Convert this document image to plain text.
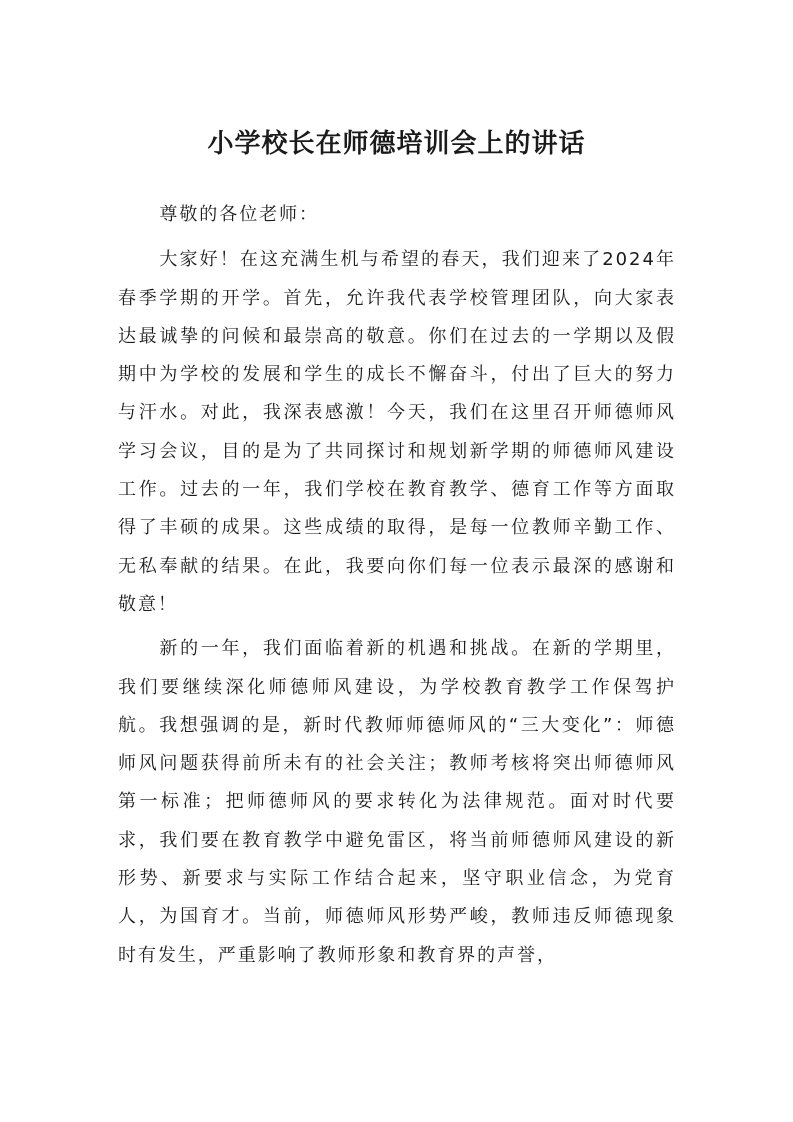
小学校长在师德培训会上的讲话

尊敬的各位老师：

大家好！在这充满生机与希望的春天，我们迎来了2024年春季学期的开学。首先，允许我代表学校管理团队，向大家表达最诚挚的问候和最崇高的敬意。你们在过去的一学期以及假期中为学校的发展和学生的成长不懈奋斗，付出了巨大的努力与汗水。对此，我深表感激！今天，我们在这里召开师德师风学习会议，目的是为了共同探讨和规划新学期的师德师风建设工作。过去的一年，我们学校在教育教学、德育工作等方面取得了丰硕的成果。这些成绩的取得，是每一位教师辛勤工作、无私奉献的结果。在此，我要向你们每一位表示最深的感谢和敬意！

新的一年，我们面临着新的机遇和挑战。在新的学期里，我们要继续深化师德师风建设，为学校教育教学工作保驾护航。我想强调的是，新时代教师师德师风的“三大变化”：师德师风问题获得前所未有的社会关注；教师考核将突出师德师风第一标准；把师德师风的要求转化为法律规范。面对时代要求，我们要在教育教学中避免雷区，将当前师德师风建设的新形势、新要求与实际工作结合起来，坚守职业信念，为党育人，为国育才。当前，师德师风形势严峻，教师违反师德现象时有发生，严重影响了教师形象和教育界的声誉，
